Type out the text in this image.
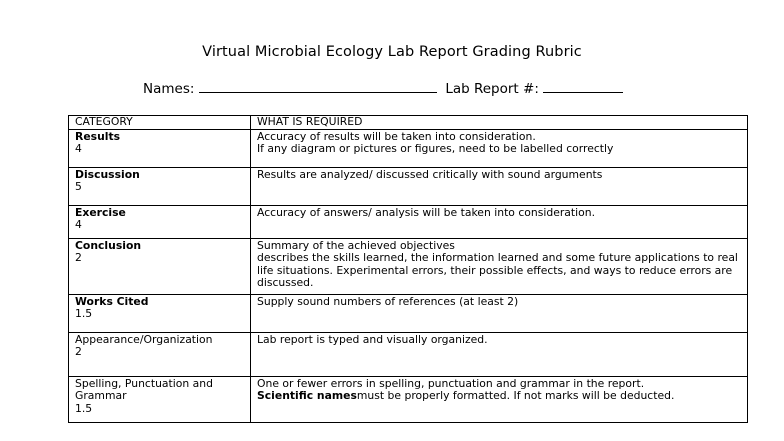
Virtual Microbial Ecology Lab Report Grading Rubric
Names:	Lab Report #:
CATEGORY	WHAT IS REQUIRED

Results
4	Accuracy of results will be taken into consideration.
If any diagram or pictures or figures, need to be labelled correctly

Discussion
5	Results are analyzed/ discussed critically with sound arguments

Exercise
4	Accuracy of answers/ analysis will be taken into consideration.

Conclusion
2	Summary of the achieved objectives
describes the skills learned, the information learned and some future applications to real life situations. Experimental errors, their possible effects, and ways to reduce errors are discussed.

Works Cited
1.5	Supply sound numbers of references (at least 2)

Appearance/Organization
2	Lab report is typed and visually organized.

Spelling, Punctuation and Grammar
1.5	One or fewer errors in spelling, punctuation and grammar in the report.
Scientific namesmust be properly formatted. If not marks will be deducted.
